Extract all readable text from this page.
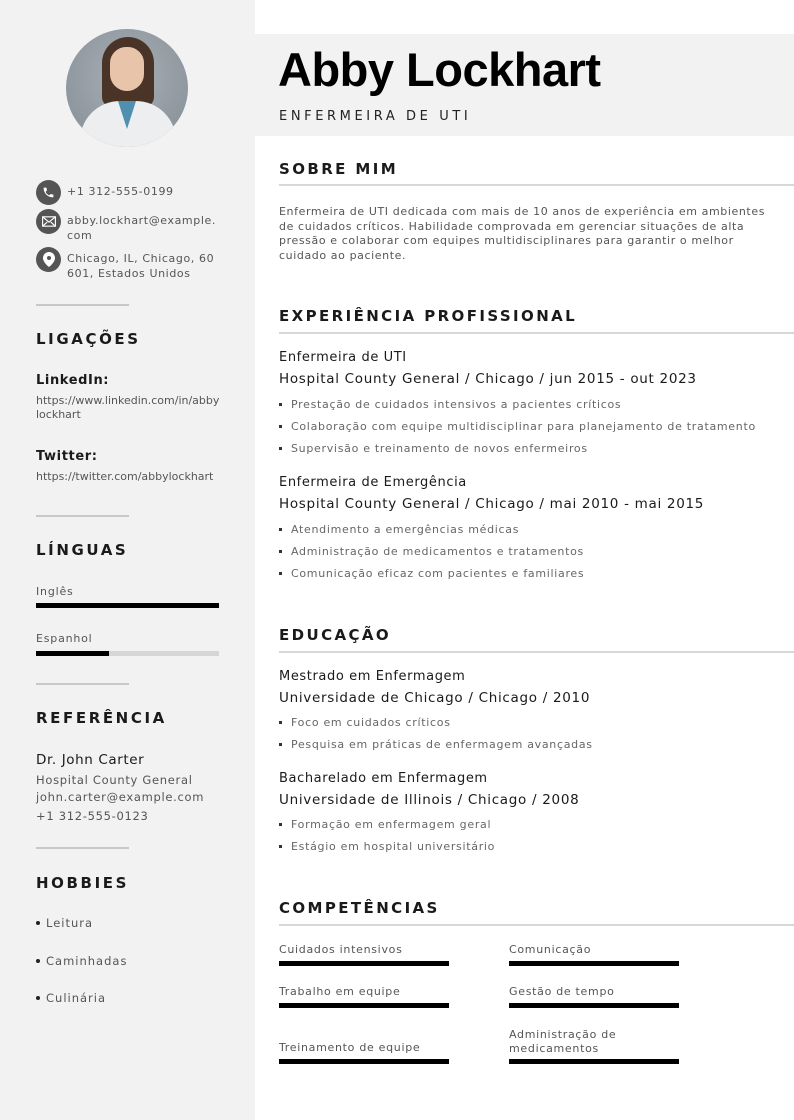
+1 312-555-0199
abby.lockhart@example.com
Chicago, IL, Chicago, 60601, Estados Unidos
LIGAÇÕES
LinkedIn:
https://www.linkedin.com/in/abbylockhart
Twitter:
https://twitter.com/abbylockhart
LÍNGUAS
Inglês
Espanhol
REFERÊNCIA
Dr. John Carter
Hospital County General
john.carter@example.com
+1 312-555-0123
HOBBIES
Leitura
Caminhadas
Culinária
Abby Lockhart
ENFERMEIRA DE UTI
SOBRE MIM
Enfermeira de UTI dedicada com mais de 10 anos de experiência em ambientes de cuidados críticos. Habilidade comprovada em gerenciar situações de alta pressão e colaborar com equipes multidisciplinares para garantir o melhor cuidado ao paciente.
EXPERIÊNCIA PROFISSIONAL
Enfermeira de UTI
Hospital County General / Chicago / jun 2015 - out 2023
Prestação de cuidados intensivos a pacientes críticos
Colaboração com equipe multidisciplinar para planejamento de tratamento
Supervisão e treinamento de novos enfermeiros
Enfermeira de Emergência
Hospital County General / Chicago / mai 2010 - mai 2015
Atendimento a emergências médicas
Administração de medicamentos e tratamentos
Comunicação eficaz com pacientes e familiares
EDUCAÇÃO
Mestrado em Enfermagem
Universidade de Chicago / Chicago / 2010
Foco em cuidados críticos
Pesquisa em práticas de enfermagem avançadas
Bacharelado em Enfermagem
Universidade de Illinois / Chicago / 2008
Formação em enfermagem geral
Estágio em hospital universitário
COMPETÊNCIAS
Cuidados intensivos	Comunicação
Trabalho em equipe	Gestão de tempo
Treinamento de equipe
Administração de medicamentos
